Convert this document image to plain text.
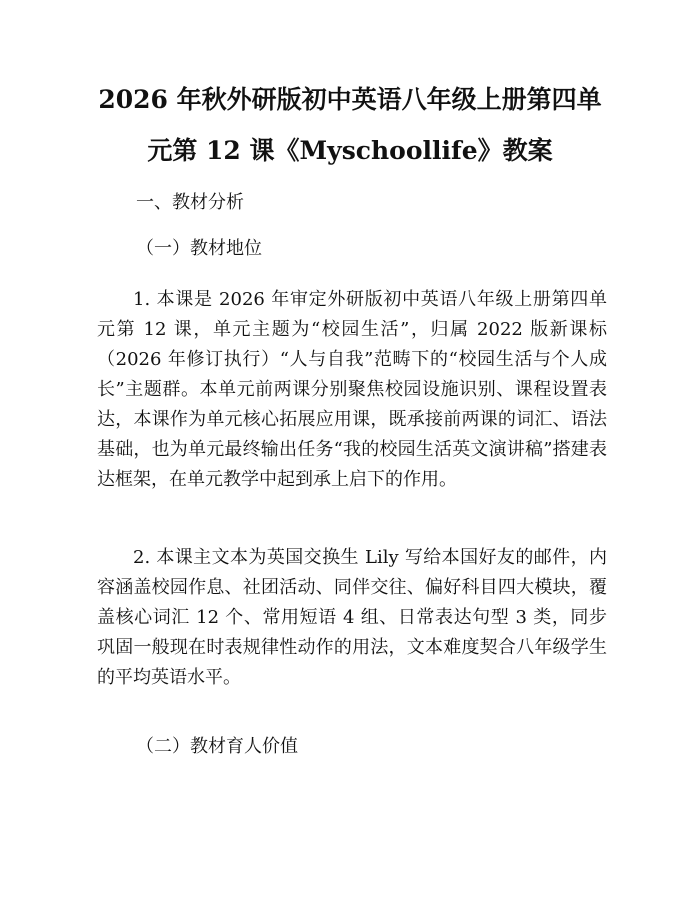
2026 年秋外研版初中英语八年级上册第四单
元第 12 课《Myschoollife》教案
一、教材分析
（一）教材地位
1. 本课是 2026 年审定外研版初中英语八年级上册第四单元第 12 课，单元主题为“校园生活”，归属 2022 版新课标（2026 年修订执行）“人与自我”范畴下的“校园生活与个人成长”主题群。本单元前两课分别聚焦校园设施识别、课程设置表达，本课作为单元核心拓展应用课，既承接前两课的词汇、语法基础，也为单元最终输出任务“我的校园生活英文演讲稿”搭建表达框架，在单元教学中起到承上启下的作用。
2. 本课主文本为英国交换生 Lily 写给本国好友的邮件，内容涵盖校园作息、社团活动、同伴交往、偏好科目四大模块，覆盖核心词汇 12 个、常用短语 4 组、日常表达句型 3 类，同步巩固一般现在时表规律性动作的用法，文本难度契合八年级学生的平均英语水平。
（二）教材育人价值
